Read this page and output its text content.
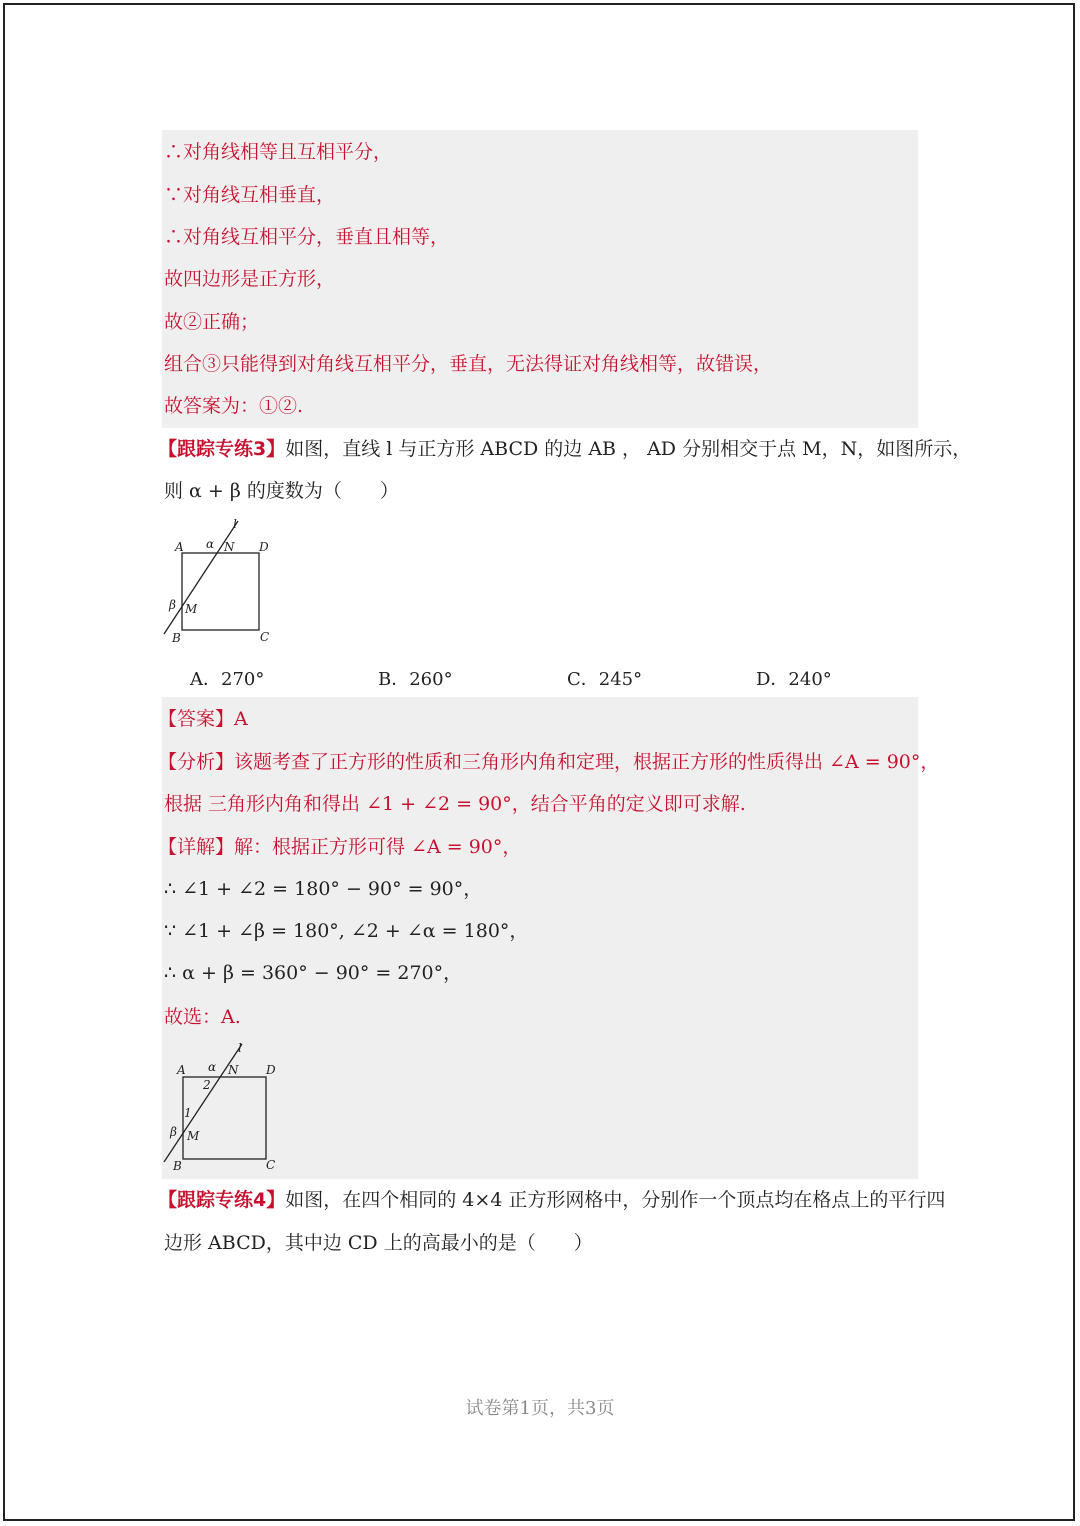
∴对角线相等且互相平分，
∵对角线互相垂直，
∴对角线互相平分，垂直且相等，
故四边形是正方形，
故②正确；
组合③只能得到对角线互相平分，垂直，无法得证对角线相等，故错误，
故答案为：①②.
【跟踪专练3】如图，直线 l 与正方形 ABCD 的边 AB ， AD 分别相交于点 M，N，如图所示，
则 α + β 的度数为（　　）
l
A α N D
β M
B	C
A．270°	B．260°	C．245°	D．240°
【答案】A
【分析】该题考查了正方形的性质和三角形内角和定理，根据正方形的性质得出 ∠A = 90°，
根据 三角形内角和得出 ∠1 + ∠2 = 90°，结合平角的定义即可求解.
【详解】解：根据正方形可得 ∠A = 90°，
∴ ∠1 + ∠2 = 180° − 90° = 90°，
∵ ∠1 + ∠β = 180°, ∠2 + ∠α = 180°，
∴ α + β = 360° − 90° = 270°，
故选：A.
l
A α N D
2
1
β M
B	C
【跟踪专练4】如图，在四个相同的 4×4 正方形网格中，分别作一个顶点均在格点上的平行四
边形 ABCD，其中边 CD 上的高最小的是（　　）
试卷第1页，共3页
